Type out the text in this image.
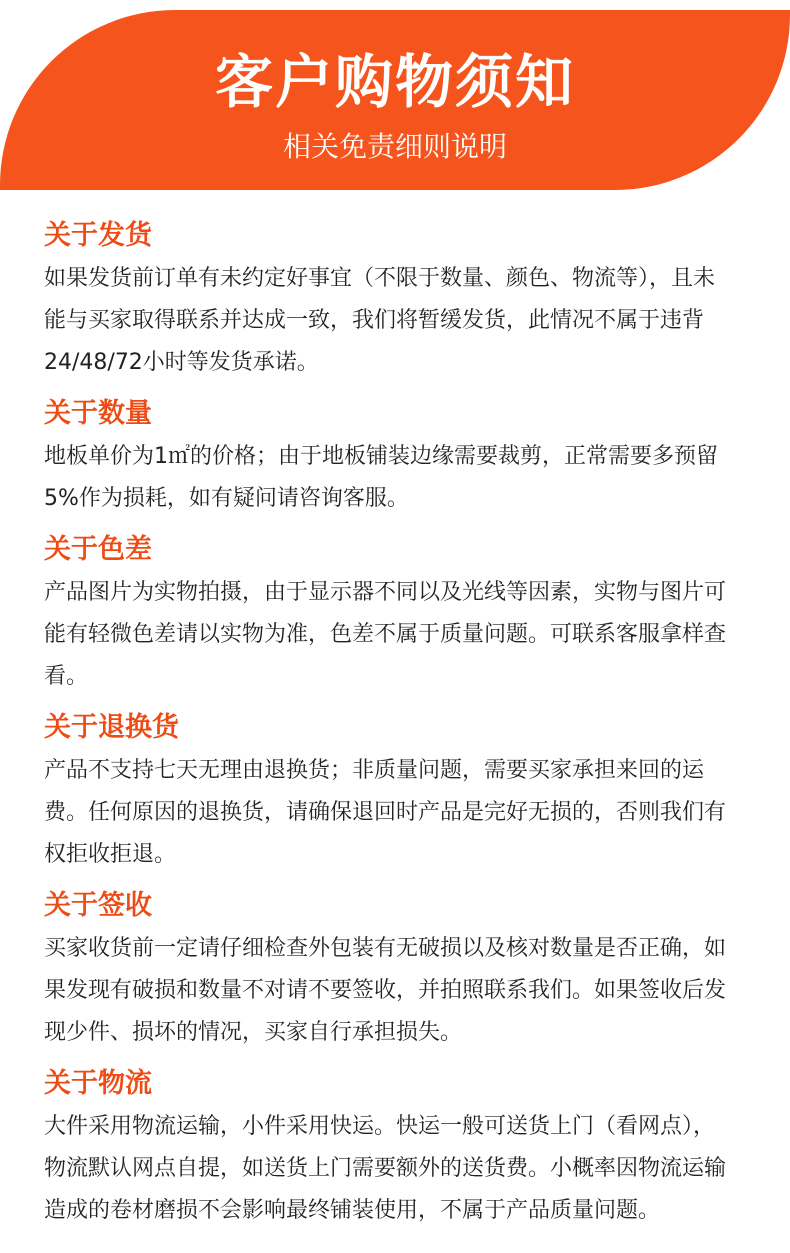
客户购物须知
相关免责细则说明
关于发货

如果发货前订单有未约定好事宜（不限于数量、颜色、物流等），且未
能与买家取得联系并达成一致，我们将暂缓发货，此情况不属于违背
24/48/72小时等发货承诺。

关于数量

地板单价为1㎡的价格；由于地板铺装边缘需要裁剪，正常需要多预留
5%作为损耗，如有疑问请咨询客服。

关于色差

产品图片为实物拍摄，由于显示器不同以及光线等因素，实物与图片可
能有轻微色差请以实物为准，色差不属于质量问题。可联系客服拿样查
看。

关于退换货

产品不支持七天无理由退换货；非质量问题，需要买家承担来回的运
费。任何原因的退换货，请确保退回时产品是完好无损的，否则我们有
权拒收拒退。

关于签收

买家收货前一定请仔细检查外包装有无破损以及核对数量是否正确，如
果发现有破损和数量不对请不要签收，并拍照联系我们。如果签收后发
现少件、损坏的情况，买家自行承担损失。

关于物流

大件采用物流运输，小件采用快运。快运一般可送货上门（看网点），
物流默认网点自提，如送货上门需要额外的送货费。小概率因物流运输
造成的卷材磨损不会影响最终铺装使用，不属于产品质量问题。
